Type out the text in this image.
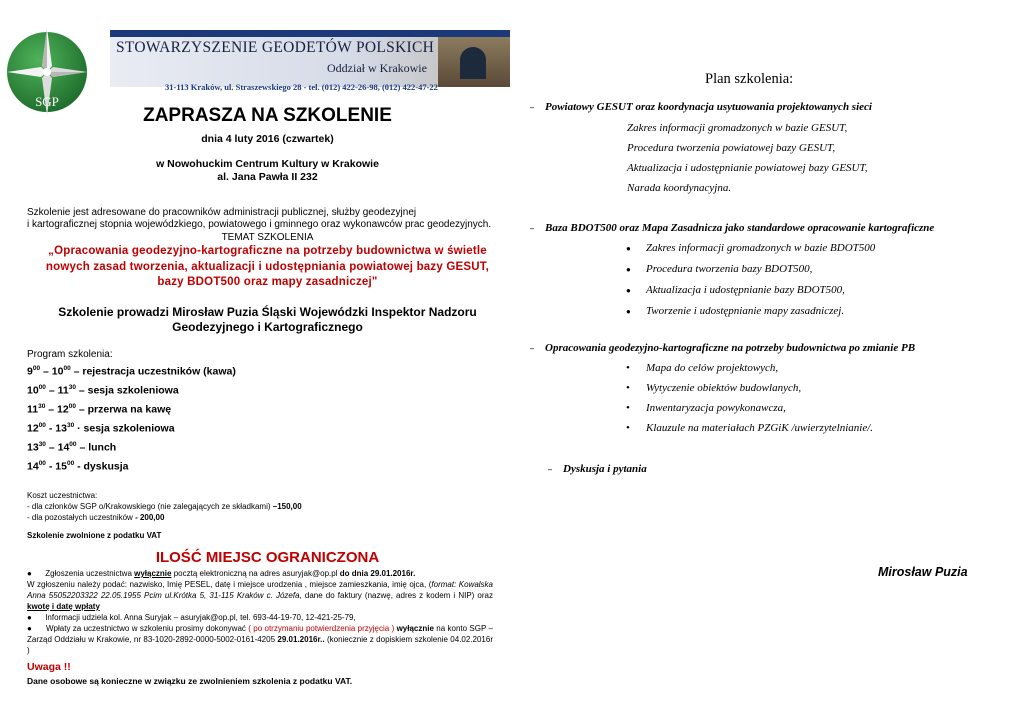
SGP
STOWARZYSZENIE GEODETÓW POLSKICH
Oddział w Krakowie
31-113 Kraków, ul. Straszewskiego 28 - tel. (012) 422-26-98, (012) 422-47-22
ZAPRASZA NA SZKOLENIE
dnia 4 luty 2016 (czwartek)
w Nowohuckim Centrum Kultury w Krakowie
al. Jana Pawła II 232
Szkolenie jest adresowane do pracowników administracji publicznej, służby geodezyjnej
i kartograficznej stopnia wojewódzkiego, powiatowego i gminnego oraz wykonawców prac geodezyjnych.
TEMAT SZKOLENIA
„Opracowania geodezyjno-kartograficzne na potrzeby budownictwa w świetle
nowych zasad tworzenia, aktualizacji i udostępniania powiatowej bazy GESUT,
bazy BDOT500 oraz mapy zasadniczej"
Szkolenie prowadzi Mirosław Puzia Śląski Wojewódzki Inspektor Nadzoru
Geodezyjnego i Kartograficznego
Program szkolenia:
$9^{00} - 10^{00}$ – rejestracja uczestników (kawa)
$10^{00} - 11^{30}$ – sesja szkoleniowa
$11^{30} - 12^{00}$ – przerwa na kawę
$12^{00} - 13^{30}$ · sesja szkoleniowa
$13^{30} - 14^{00}$ – lunch
$14^{00} - 15^{00}$ - dyskusja
Koszt uczestnictwa:
- dla członków SGP o/Krakowskiego (nie zalegających ze składkami) –150,00
- dla pozostałych uczestników - 200,00
Szkolenie zwolnione z podatku VAT
ILOŚĆ MIEJSC OGRANICZONA
● Zgłoszenia uczestnictwa wyłącznie pocztą elektroniczną na adres asuryjak@op.pl do dnia 29.01.2016r.
W zgłoszeniu należy podać: nazwisko, Imię PESEL, datę i miejsce urodzenia , miejsce zamieszkania, imię ojca, (format: Kowalska Anna 55052203322 22.05.1955 Pcim ul.Krótka 5, 31-115 Kraków c. Józefa, dane do faktury (nazwę, adres z kodem i NIP) oraz kwotę i datę wpłaty
● Informacji udziela kol. Anna Suryjak – asuryjak@op.pl, tel. 693-44-19-70, 12-421-25-79,
● Wpłaty za uczestnictwo w szkoleniu prosimy dokonywać ( po otrzymaniu potwierdzenia przyjęcia ) wyłącznie na konto SGP – Zarząd Oddziału w Krakowie, nr 83-1020-2892-0000-5002-0161-4205 29.01.2016r.. (koniecznie z dopiskiem szkolenie 04.02.2016r )
Uwaga !!
Dane osobowe są konieczne w związku ze zwolnieniem szkolenia z podatku VAT.
Plan szkolenia:
– Powiatowy GESUT oraz koordynacja usytuowania projektowanych sieci
Zakres informacji gromadzonych w bazie GESUT,
Procedura tworzenia powiatowej bazy GESUT,
Aktualizacja i udostępnianie powiatowej bazy GESUT,
Narada koordynacyjna.
– Baza BDOT500 oraz Mapa Zasadnicza jako standardowe opracowanie kartograficzne
● Zakres informacji gromadzonych w bazie BDOT500
● Procedura tworzenia bazy BDOT500,
● Aktualizacja i udostępnianie bazy BDOT500,
● Tworzenie i udostępnianie mapy zasadniczej.
– Opracowania geodezyjno-kartograficzne na potrzeby budownictwa po zmianie PB
• Mapa do celów projektowych,
• Wytyczenie obiektów budowlanych,
• Inwentaryzacja powykonawcza,
• Klauzule na materiałach PZGiK /uwierzytelnianie/.
– Dyskusja i pytania
Mirosław Puzia
